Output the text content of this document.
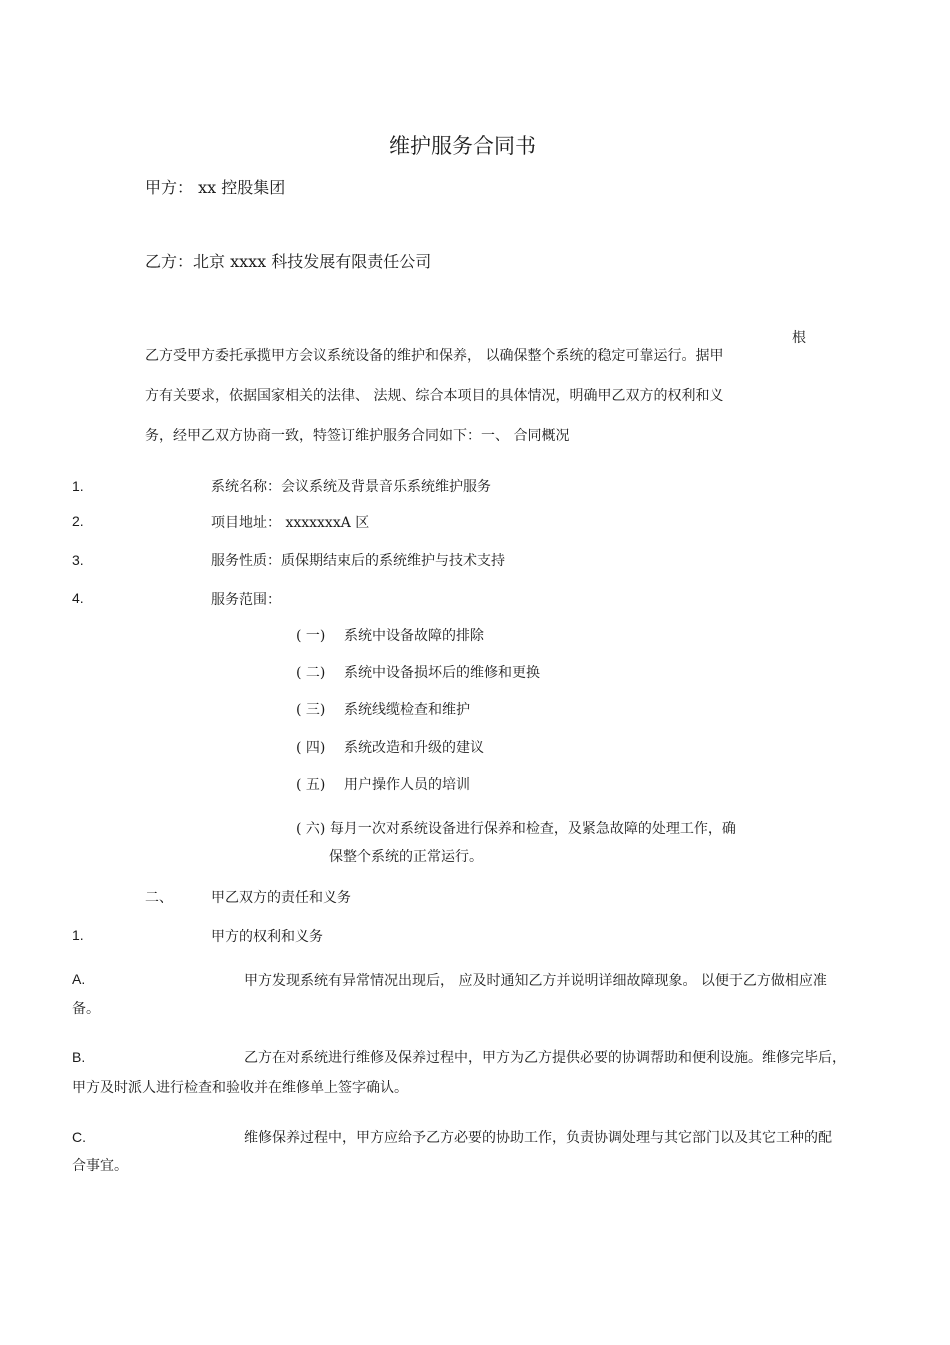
维护服务合同书
甲方： xx 控股集团
乙方：北京 xxxx 科技发展有限责任公司
根
乙方受甲方委托承揽甲方会议系统设备的维护和保养， 以确保整个系统的稳定可靠运行。据甲
方有关要求，依据国家相关的法律、 法规、综合本项目的具体情况，明确甲乙双方的权利和义
务，经甲乙双方协商一致，特签订维护服务合同如下：一、 合同概况
1.	系统名称：会议系统及背景音乐系统维护服务
2.	项目地址： xxxxxxxA 区
3.	服务性质：质保期结束后的系统维护与技术支持
4.	服务范围：
( 一) 系统中设备故障的排除
( 二) 系统中设备损坏后的维修和更换
( 三) 系统线缆检查和维护
( 四) 系统改造和升级的建议
( 五) 用户操作人员的培训
( 六) 每月一次对系统设备进行保养和检查，及紧急故障的处理工作，确
保整个系统的正常运行。
二、	甲乙双方的责任和义务
1.	甲方的权利和义务
A.	甲方发现系统有异常情况出现后， 应及时通知乙方并说明详细故障现象。 以便于乙方做相应准
备。
B.	乙方在对系统进行维修及保养过程中，甲方为乙方提供必要的协调帮助和便利设施。维修完毕后，
甲方及时派人进行检查和验收并在维修单上签字确认。
C.	维修保养过程中，甲方应给予乙方必要的协助工作，负责协调处理与其它部门以及其它工种的配
合事宜。
